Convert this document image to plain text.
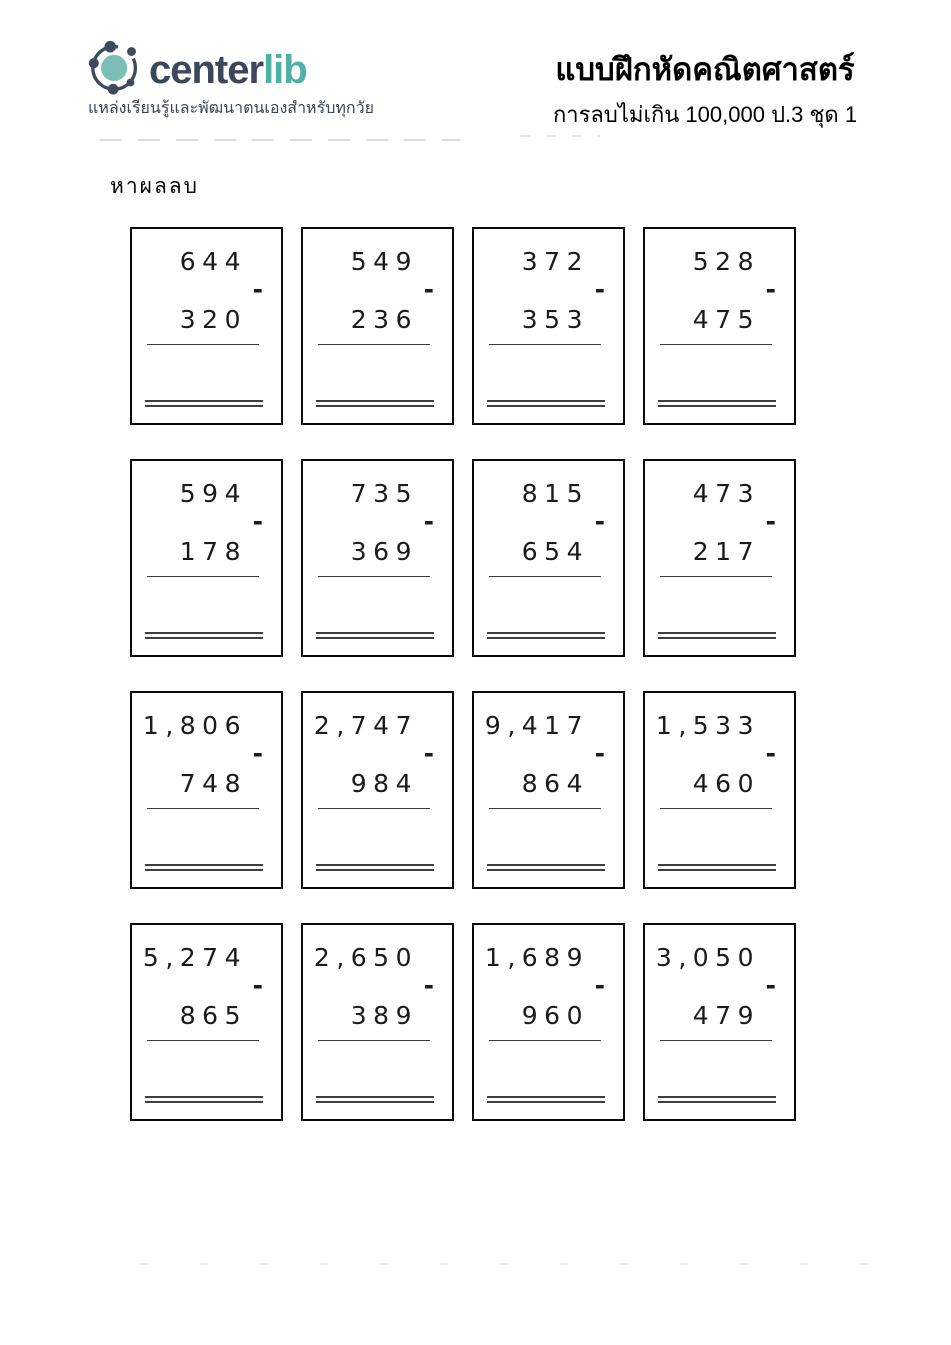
centerlib
แหล่งเรียนรู้และพัฒนาตนเองสำหรับทุกวัย
แบบฝึกหัดคณิตศาสตร์
การลบไม่เกิน 100,000 ป.3 ชุด 1
หาผลลบ
644
-
320
549
-
236
372
-
353
528
-
475
594
-
178
735
-
369
815
-
654
473
-
217
1,806
-
748
2,747
-
984
9,417
-
864
1,533
-
460
5,274
-
865
2,650
-
389
1,689
-
960
3,050
-
479
